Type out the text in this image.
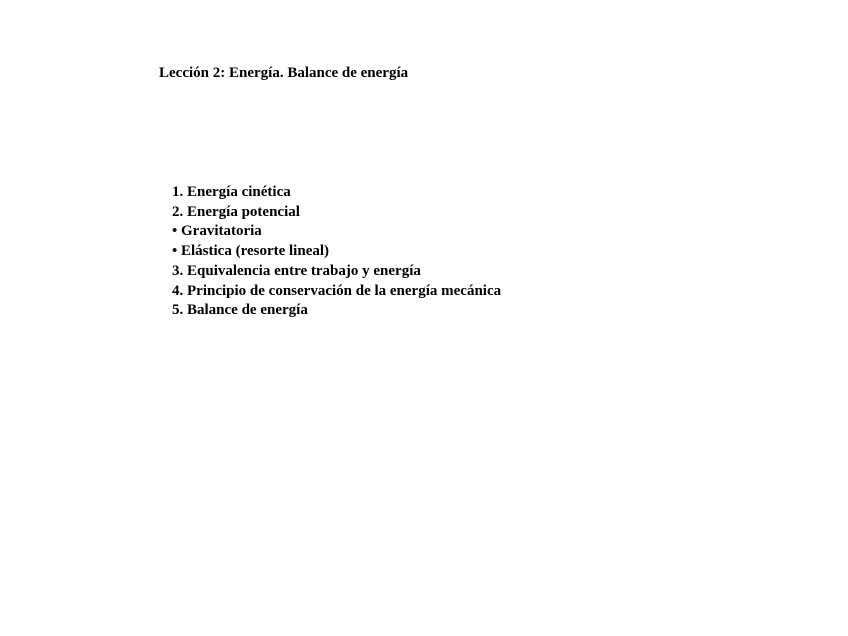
Lección 2: Energía. Balance de energía
1. Energía cinética
2. Energía potencial
• Gravitatoria
• Elástica (resorte lineal)
3. Equivalencia entre trabajo y energía
4. Principio de conservación de la energía mecánica
5. Balance de energía
